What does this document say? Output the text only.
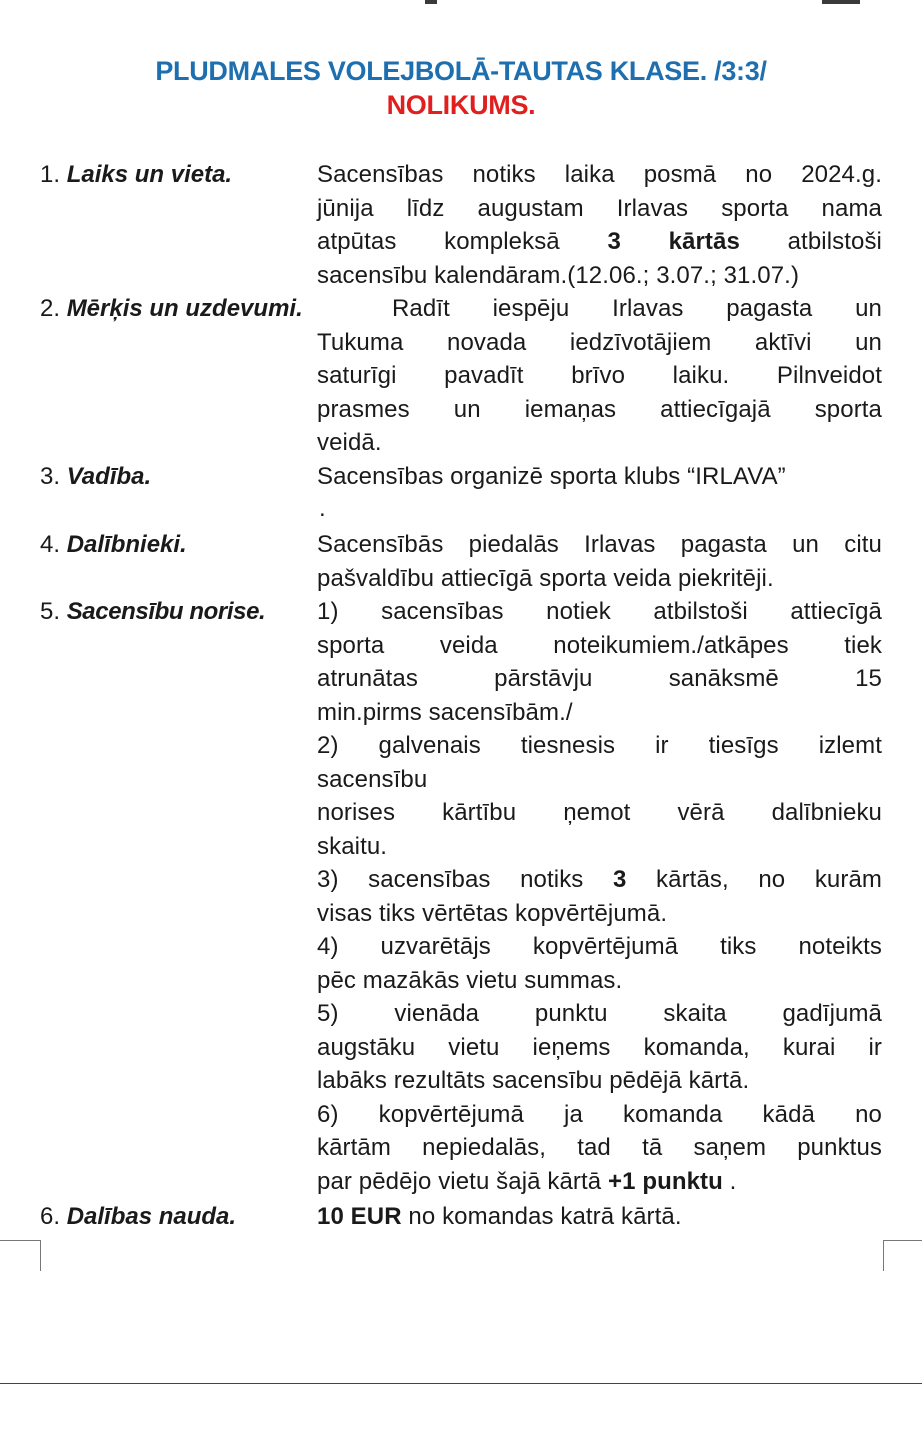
PLUDMALES VOLEJBOLĀ-TAUTAS KLASE. /3:3/
NOLIKUMS.
1. Laiks un vieta.	Sacensības notiks laika posmā no 2024.g.
jūnija līdz augustam Irlavas sporta nama
atpūtas kompleksā 3 kārtās atbilstoši
sacensību kalendāram.(12.06.; 3.07.; 31.07.)
2. Mērķis un uzdevumi.	Radīt iespēju Irlavas pagasta un
Tukuma novada iedzīvotājiem aktīvi un
saturīgi pavadīt brīvo laiku. Pilnveidot
prasmes un iemaņas attiecīgajā sporta
veidā.
3. Vadība.	Sacensības organizē sporta klubs “IRLAVA”
.
4. Dalībnieki.	Sacensībās piedalās Irlavas pagasta un citu
pašvaldību attiecīgā sporta veida piekritēji.
5. Sacensību norise. 1) sacensības notiek atbilstoši attiecīgā
sporta veida noteikumiem./atkāpes tiek
atrunātas pārstāvju sanāksmē 15
min.pirms sacensībām./
2) galvenais tiesnesis ir tiesīgs izlemt
sacensību
norises kārtību ņemot vērā dalībnieku
skaitu.
3) sacensības notiks 3 kārtās, no kurām
visas tiks vērtētas kopvērtējumā.
4) uzvarētājs kopvērtējumā tiks noteikts
pēc mazākās vietu summas.
5) vienāda punktu skaita gadījumā
augstāku vietu ieņems komanda, kurai ir
labāks rezultāts sacensību pēdējā kārtā.
6) kopvērtējumā ja komanda kādā no
kārtām nepiedalās, tad tā saņem punktus
par pēdējo vietu šajā kārtā +1 punktu .
6. Dalības nauda.	10 EUR no komandas katrā kārtā.
